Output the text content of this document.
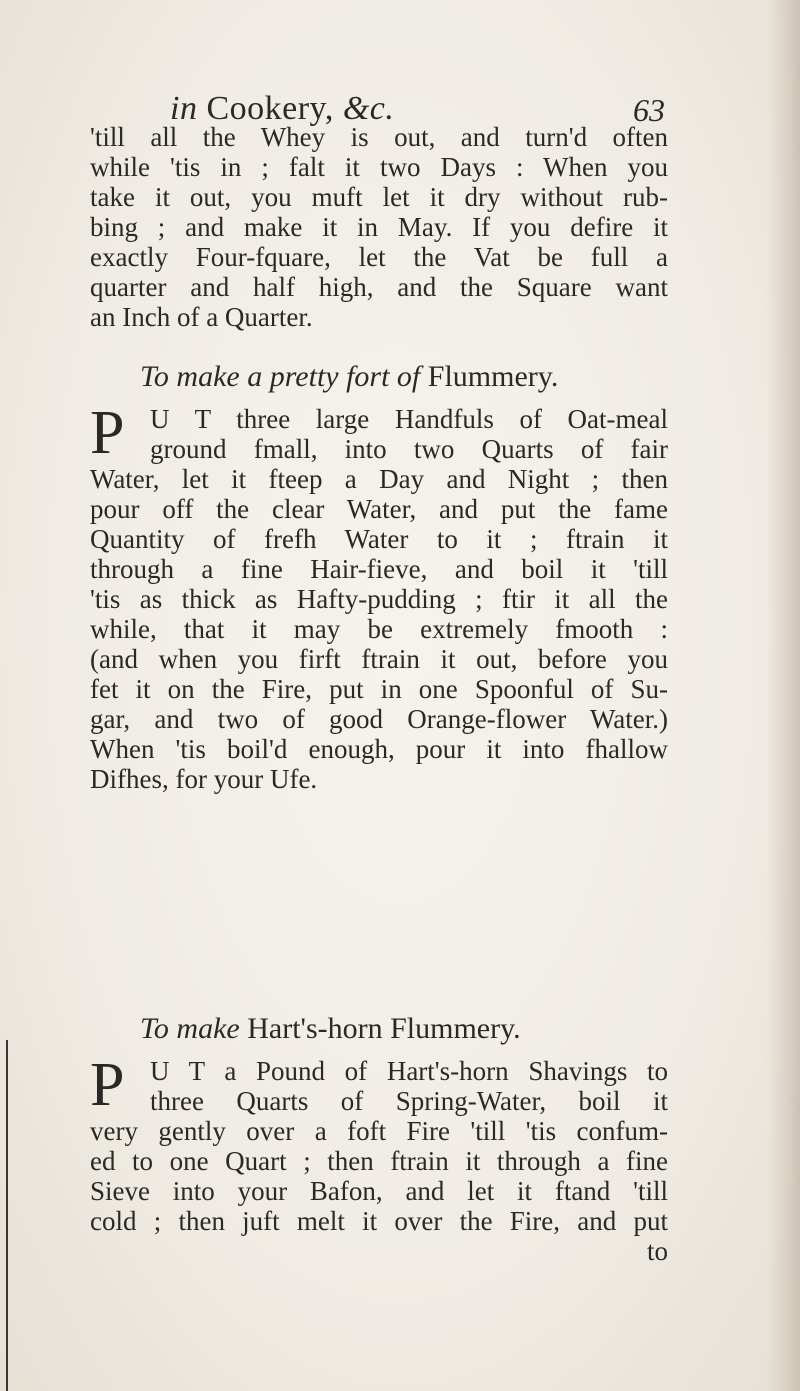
in Cookery, &c.	63
'till all the Whey is out, and turn'd often
while 'tis in ; falt it two Days : When you
take it out, you muft let it dry without rub-
bing ; and make it in May. If you defire it
exactly Four-fquare, let the Vat be full a
quarter and half high, and the Square want
an Inch of a Quarter.
To make a pretty fort of Flummery.
P U T three large Handfuls of Oat-meal
ground fmall, into two Quarts of fair
Water, let it fteep a Day and Night ; then
pour off the clear Water, and put the fame
Quantity of frefh Water to it ; ftrain it
through a fine Hair-fieve, and boil it 'till
'tis as thick as Hafty-pudding ; ftir it all the
while, that it may be extremely fmooth :
(and when you firft ftrain it out, before you
fet it on the Fire, put in one Spoonful of Su-
gar, and two of good Orange-flower Water.)
When 'tis boil'd enough, pour it into fhallow
Difhes, for your Ufe.
To make Hart's-horn Flummery.
P U T a Pound of Hart's-horn Shavings to
three Quarts of Spring-Water, boil it
very gently over a foft Fire 'till 'tis confum-
ed to one Quart ; then ftrain it through a fine
Sieve into your Bafon, and let it ftand 'till
cold ; then juft melt it over the Fire, and put
to
